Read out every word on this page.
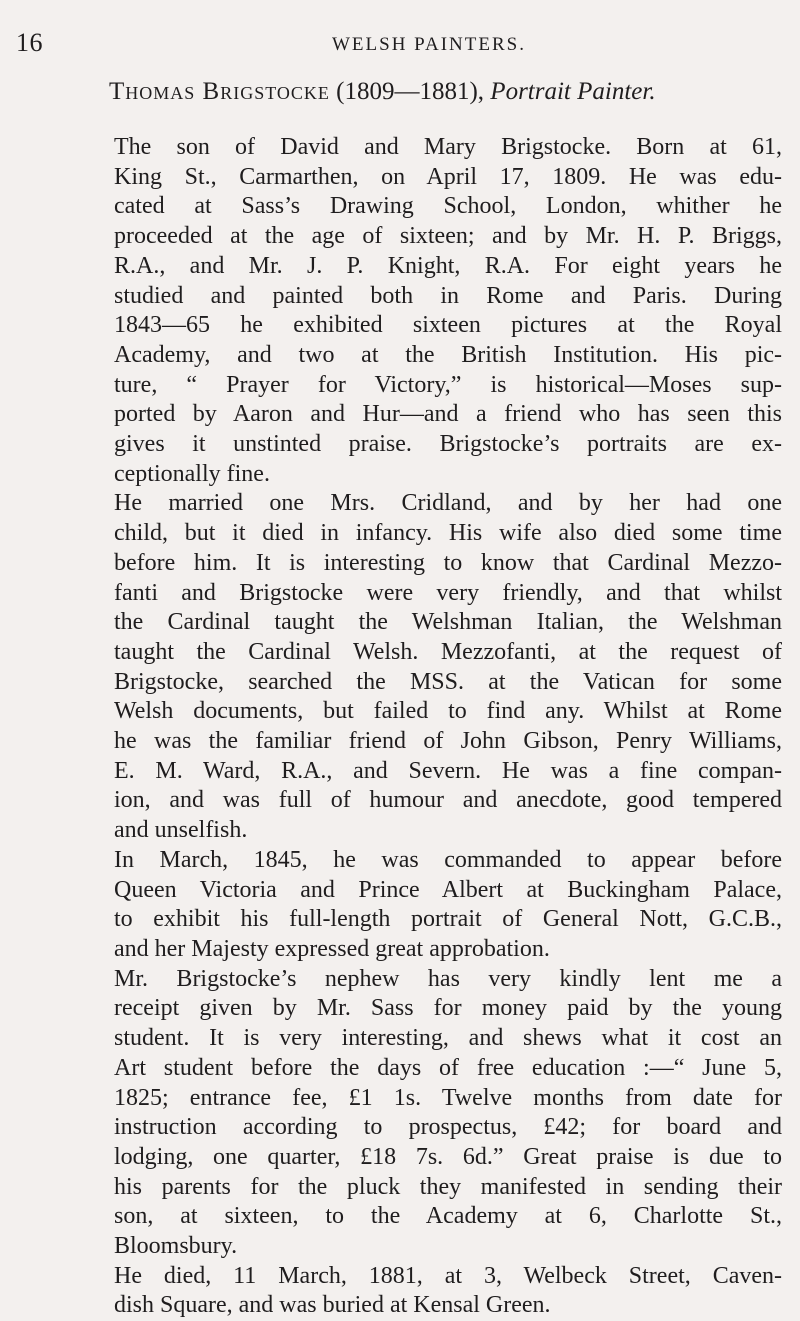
16	WELSH PAINTERS.
Thomas Brigstocke (1809—1881), Portrait Painter.

The son of David and Mary Brigstocke. Born at 61,
King St., Carmarthen, on April 17, 1809. He was edu-
cated at Sass’s Drawing School, London, whither he
proceeded at the age of sixteen; and by Mr. H. P. Briggs,
R.A., and Mr. J. P. Knight, R.A. For eight years he
studied and painted both in Rome and Paris. During
1843—65 he exhibited sixteen pictures at the Royal
Academy, and two at the British Institution. His pic-
ture, “ Prayer for Victory,” is historical—Moses sup-
ported by Aaron and Hur—and a friend who has seen this
gives it unstinted praise. Brigstocke’s portraits are ex-
ceptionally fine.

He married one Mrs. Cridland, and by her had one
child, but it died in infancy. His wife also died some time
before him. It is interesting to know that Cardinal Mezzo-
fanti and Brigstocke were very friendly, and that whilst
the Cardinal taught the Welshman Italian, the Welshman
taught the Cardinal Welsh. Mezzofanti, at the request of
Brigstocke, searched the MSS. at the Vatican for some
Welsh documents, but failed to find any. Whilst at Rome
he was the familiar friend of John Gibson, Penry Williams,
E. M. Ward, R.A., and Severn. He was a fine compan-
ion, and was full of humour and anecdote, good tempered
and unselfish.

In March, 1845, he was commanded to appear before
Queen Victoria and Prince Albert at Buckingham Palace,
to exhibit his full-length portrait of General Nott, G.C.B.,
and her Majesty expressed great approbation.

Mr. Brigstocke’s nephew has very kindly lent me a
receipt given by Mr. Sass for money paid by the young
student. It is very interesting, and shews what it cost an
Art student before the days of free education :—“ June 5,
1825; entrance fee, £1 1s. Twelve months from date for
instruction according to prospectus, £42; for board and
lodging, one quarter, £18 7s. 6d.” Great praise is due to
his parents for the pluck they manifested in sending their
son, at sixteen, to the Academy at 6, Charlotte St.,
Bloomsbury.

He died, 11 March, 1881, at 3, Welbeck Street, Caven-
dish Square, and was buried at Kensal Green.
